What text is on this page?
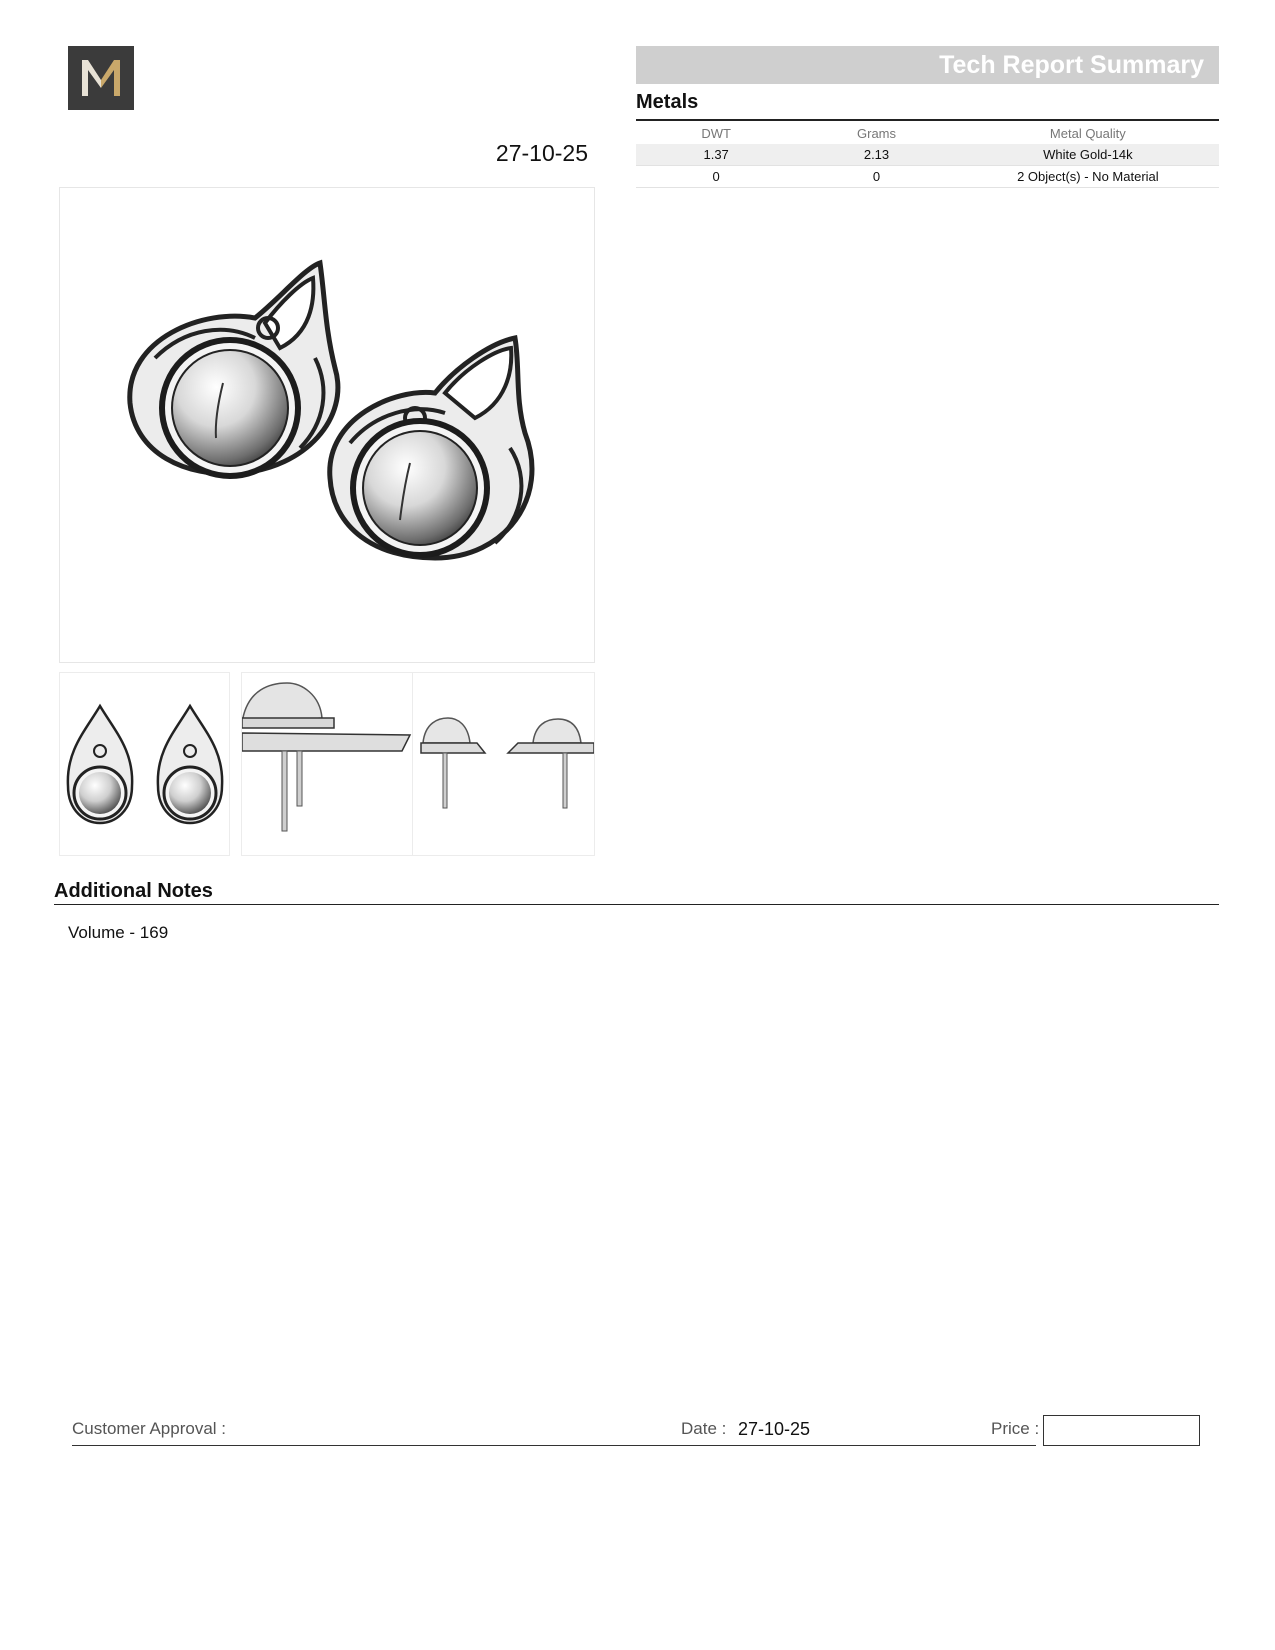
27-10-25
Tech Report Summary
Metals
DWT	Grams	Metal Quality
1.37	2.13	White Gold-14k
0	0	2 Object(s) - No Material
Additional Notes
Volume - 169
Customer Approval :	Date : 27-10-25	Price :
